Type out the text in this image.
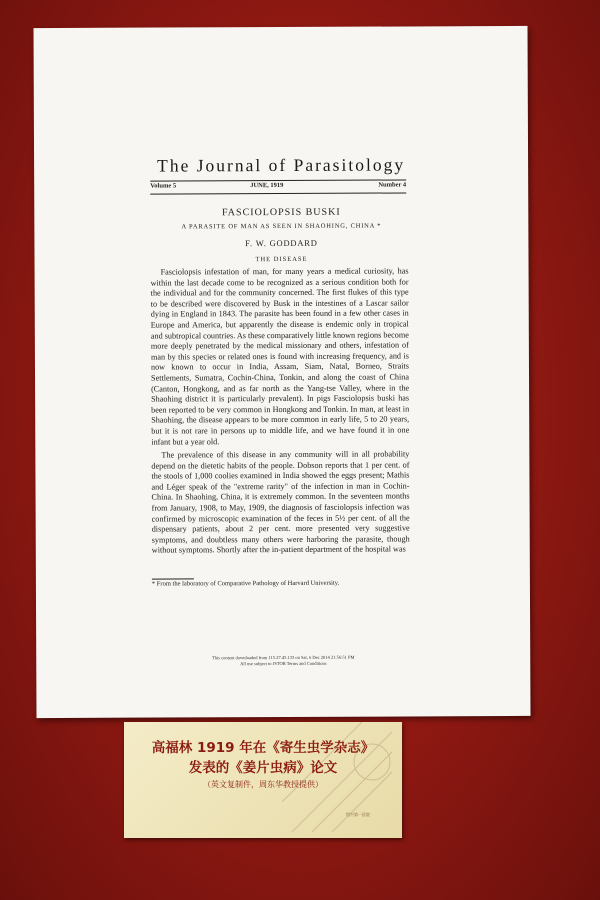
The Journal of Parasitology
Volume 5	JUNE, 1919	Number 4
FASCIOLOPSIS BUSKI
A PARASITE OF MAN AS SEEN IN SHAOHING, CHINA *
F. W. GODDARD
THE DISEASE

Fasciolopsis infestation of man, for many years a medical curiosity, has within the last decade come to be recognized as a serious condition both for the individual and for the community concerned. The first flukes of this type to be described were discovered by Busk in the intestines of a Lascar sailor dying in England in 1843. The parasite has been found in a few other cases in Europe and America, but apparently the disease is endemic only in tropical and subtropical countries. As these comparatively little known regions become more deeply penetrated by the medical missionary and others, infestation of man by this species or related ones is found with increasing frequency, and is now known to occur in India, Assam, Siam, Natal, Borneo, Straits Settlements, Sumatra, Cochin-China, Tonkin, and along the coast of China (Canton, Hongkong, and as far north as the Yang-tse Valley, where in the Shaohing district it is particularly prevalent). In pigs Fasciolopsis buski has been reported to be very common in Hongkong and Tonkin. In man, at least in Shaohing, the disease appears to be more common in early life, 5 to 20 years, but it is not rare in persons up to middle life, and we have found it in one infant but a year old.

The prevalence of this disease in any community will in all probability depend on the dietetic habits of the people. Dobson reports that 1 per cent. of the stools of 1,000 coolies examined in India showed the eggs present; Mathis and Léger speak of the "extreme rarity" of the infection in man in Cochin-China. In Shaohing, China, it is extremely common. In the seventeen months from January, 1908, to May, 1909, the diagnosis of fasciolopsis infection was confirmed by microscopic examination of the feces in 5½ per cent. of all the dispensary patients, about 2 per cent. more presented very suggestive symptoms, and doubtless many others were harboring the parasite, though without symptoms. Shortly after the in-patient department of the hospital was

* From the laboratory of Comparative Pathology of Harvard University.
This content downloaded from 115.27.45.133 on Sat, 6 Dec 2014 21:56:51 PM
All use subject to JSTOR Terms and Conditions
高福林 1919 年在《寄生虫学杂志》
发表的《姜片虫病》论文
（英文复制件，周东华教授提供）
绍兴第一医院
